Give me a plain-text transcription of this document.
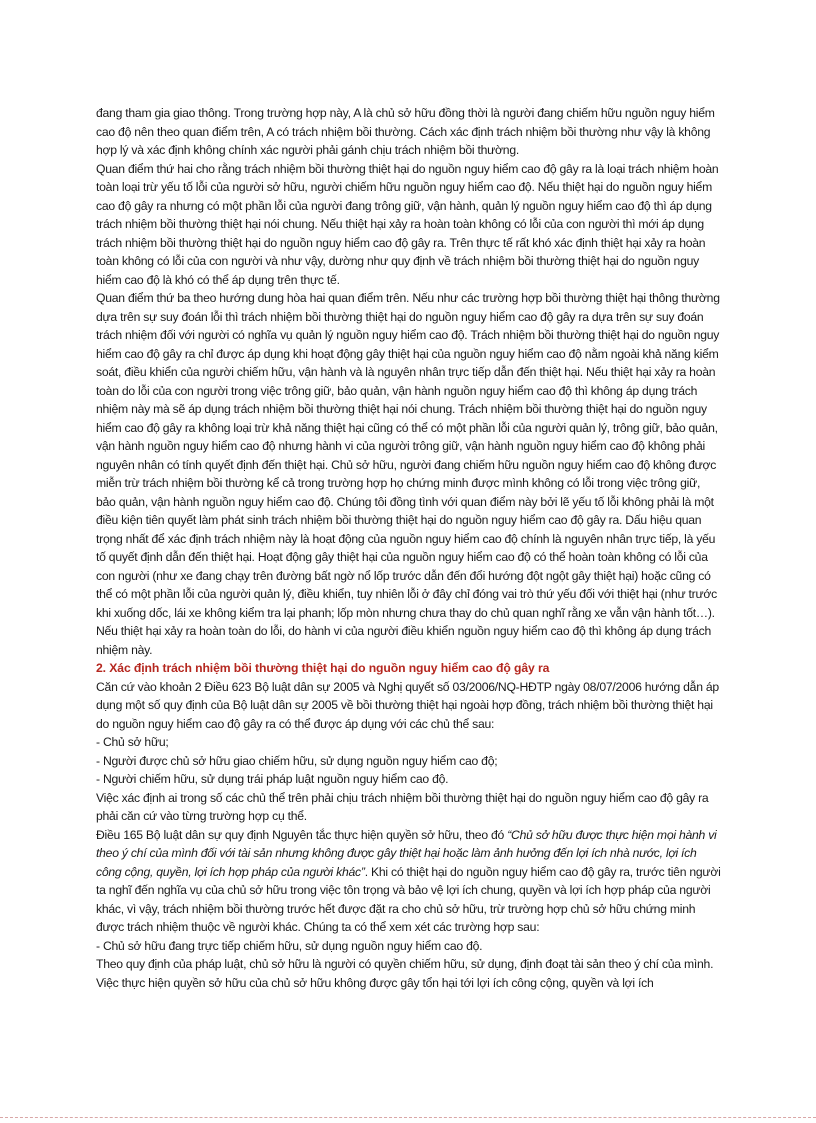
đang tham gia giao thông. Trong trường hợp này, A là chủ sở hữu đồng thời là người đang chiếm hữu nguồn nguy hiểm cao độ nên theo quan điểm trên, A có trách nhiệm bồi thường. Cách xác định trách nhiệm bồi thường như vậy là không hợp lý và xác định không chính xác người phải gánh chịu trách nhiệm bồi thường.

Quan điểm thứ hai cho rằng trách nhiệm bồi thường thiệt hại do nguồn nguy hiểm cao độ gây ra là loại trách nhiệm hoàn toàn loại trừ yếu tố lỗi của người sở hữu, người chiếm hữu nguồn nguy hiểm cao độ. Nếu thiệt hại do nguồn nguy hiểm cao độ gây ra nhưng có một phần lỗi của người đang trông giữ, vận hành, quản lý nguồn nguy hiểm cao độ thì áp dụng trách nhiệm bồi thường thiệt hại nói chung. Nếu thiệt hại xảy ra hoàn toàn không có lỗi của con người thì mới áp dụng trách nhiệm bồi thường thiệt hại do nguồn nguy hiểm cao độ gây ra. Trên thực tế rất khó xác định thiệt hại xảy ra hoàn toàn không có lỗi của con người và như vậy, dường như quy định về trách nhiệm bồi thường thiệt hại do nguồn nguy hiểm cao độ là khó có thể áp dụng trên thực tế.

Quan điểm thứ ba theo hướng dung hòa hai quan điểm trên. Nếu như các trường hợp bồi thường thiệt hại thông thường dựa trên sự suy đoán lỗi thì trách nhiệm bồi thường thiệt hại do nguồn nguy hiểm cao độ gây ra dựa trên sự suy đoán trách nhiệm đối với người có nghĩa vụ quản lý nguồn nguy hiểm cao độ. Trách nhiệm bồi thường thiệt hại do nguồn nguy hiểm cao độ gây ra chỉ được áp dụng khi hoạt động gây thiệt hại của nguồn nguy hiểm cao độ nằm ngoài khả năng kiểm soát, điều khiển của người chiếm hữu, vận hành và là nguyên nhân trực tiếp dẫn đến thiệt hại. Nếu thiệt hại xảy ra hoàn toàn do lỗi của con người trong việc trông giữ, bảo quản, vận hành nguồn nguy hiểm cao độ thì không áp dụng trách nhiệm này mà sẽ áp dụng trách nhiệm bồi thường thiệt hại nói chung. Trách nhiệm bồi thường thiệt hại do nguồn nguy hiểm cao độ gây ra không loại trừ khả năng thiệt hại cũng có thể có một phần lỗi của người quản lý, trông giữ, bảo quản, vận hành nguồn nguy hiểm cao độ nhưng hành vi của người trông giữ, vận hành nguồn nguy hiểm cao độ không phải nguyên nhân có tính quyết định đến thiệt hại. Chủ sở hữu, người đang chiếm hữu nguồn nguy hiểm cao độ không được miễn trừ trách nhiệm bồi thường kể cả trong trường hợp họ chứng minh được mình không có lỗi trong việc trông giữ, bảo quản, vận hành nguồn nguy hiểm cao độ. Chúng tôi đồng tình với quan điểm này bởi lẽ yếu tố lỗi không phải là một điều kiện tiên quyết làm phát sinh trách nhiệm bồi thường thiệt hại do nguồn nguy hiểm cao độ gây ra. Dấu hiệu quan trọng nhất để xác định trách nhiệm này là hoạt động của nguồn nguy hiểm cao độ chính là nguyên nhân trực tiếp, là yếu tố quyết định dẫn đến thiệt hại. Hoạt động gây thiệt hại của nguồn nguy hiểm cao độ có thể hoàn toàn không có lỗi của con người (như xe đang chạy trên đường bất ngờ nổ lốp trước dẫn đến đổi hướng đột ngột gây thiệt hại) hoặc cũng có thể có một phần lỗi của người quản lý, điều khiển, tuy nhiên lỗi ở đây chỉ đóng vai trò thứ yếu đối với thiệt hại (như trước khi xuống dốc, lái xe không kiểm tra lại phanh; lốp mòn nhưng chưa thay do chủ quan nghĩ rằng xe vẫn vận hành tốt…). Nếu thiệt hại xảy ra hoàn toàn do lỗi, do hành vi của người điều khiển nguồn nguy hiểm cao độ thì không áp dụng trách nhiệm này.

2. Xác định trách nhiệm bồi thường thiệt hại do nguồn nguy hiểm cao độ gây ra

Căn cứ vào khoản 2 Điều 623 Bộ luật dân sự 2005 và Nghị quyết số 03/2006/NQ-HĐTP ngày 08/07/2006 hướng dẫn áp dụng một số quy định của Bộ luật dân sự 2005 về bồi thường thiệt hại ngoài hợp đồng, trách nhiệm bồi thường thiệt hại do nguồn nguy hiểm cao độ gây ra có thể được áp dụng với các chủ thể sau:

- Chủ sở hữu;

- Người được chủ sở hữu giao chiếm hữu, sử dụng nguồn nguy hiểm cao độ;

- Người chiếm hữu, sử dụng trái pháp luật nguồn nguy hiểm cao độ.

Việc xác định ai trong số các chủ thể trên phải chịu trách nhiệm bồi thường thiệt hại do nguồn nguy hiểm cao độ gây ra phải căn cứ vào từng trường hợp cụ thể.

Điều 165 Bộ luật dân sự quy định Nguyên tắc thực hiện quyền sở hữu, theo đó “Chủ sở hữu được thực hiện mọi hành vi theo ý chí của mình đối với tài sản nhưng không được gây thiệt hại hoặc làm ảnh hưởng đến lợi ích nhà nước, lợi ích công cộng, quyền, lợi ích hợp pháp của người khác”. Khi có thiệt hại do nguồn nguy hiểm cao độ gây ra, trước tiên người ta nghĩ đến nghĩa vụ của chủ sở hữu trong việc tôn trọng và bảo vệ lợi ích chung, quyền và lợi ích hợp pháp của người khác, vì vậy, trách nhiệm bồi thường trước hết được đặt ra cho chủ sở hữu, trừ trường hợp chủ sở hữu chứng minh được trách nhiệm thuộc về người khác. Chúng ta có thể xem xét các trường hợp sau:

- Chủ sở hữu đang trực tiếp chiếm hữu, sử dụng nguồn nguy hiểm cao độ.

Theo quy định của pháp luật, chủ sở hữu là người có quyền chiếm hữu, sử dụng, định đoạt tài sản theo ý chí của mình. Việc thực hiện quyền sở hữu của chủ sở hữu không được gây tổn hại tới lợi ích công cộng, quyền và lợi ích
